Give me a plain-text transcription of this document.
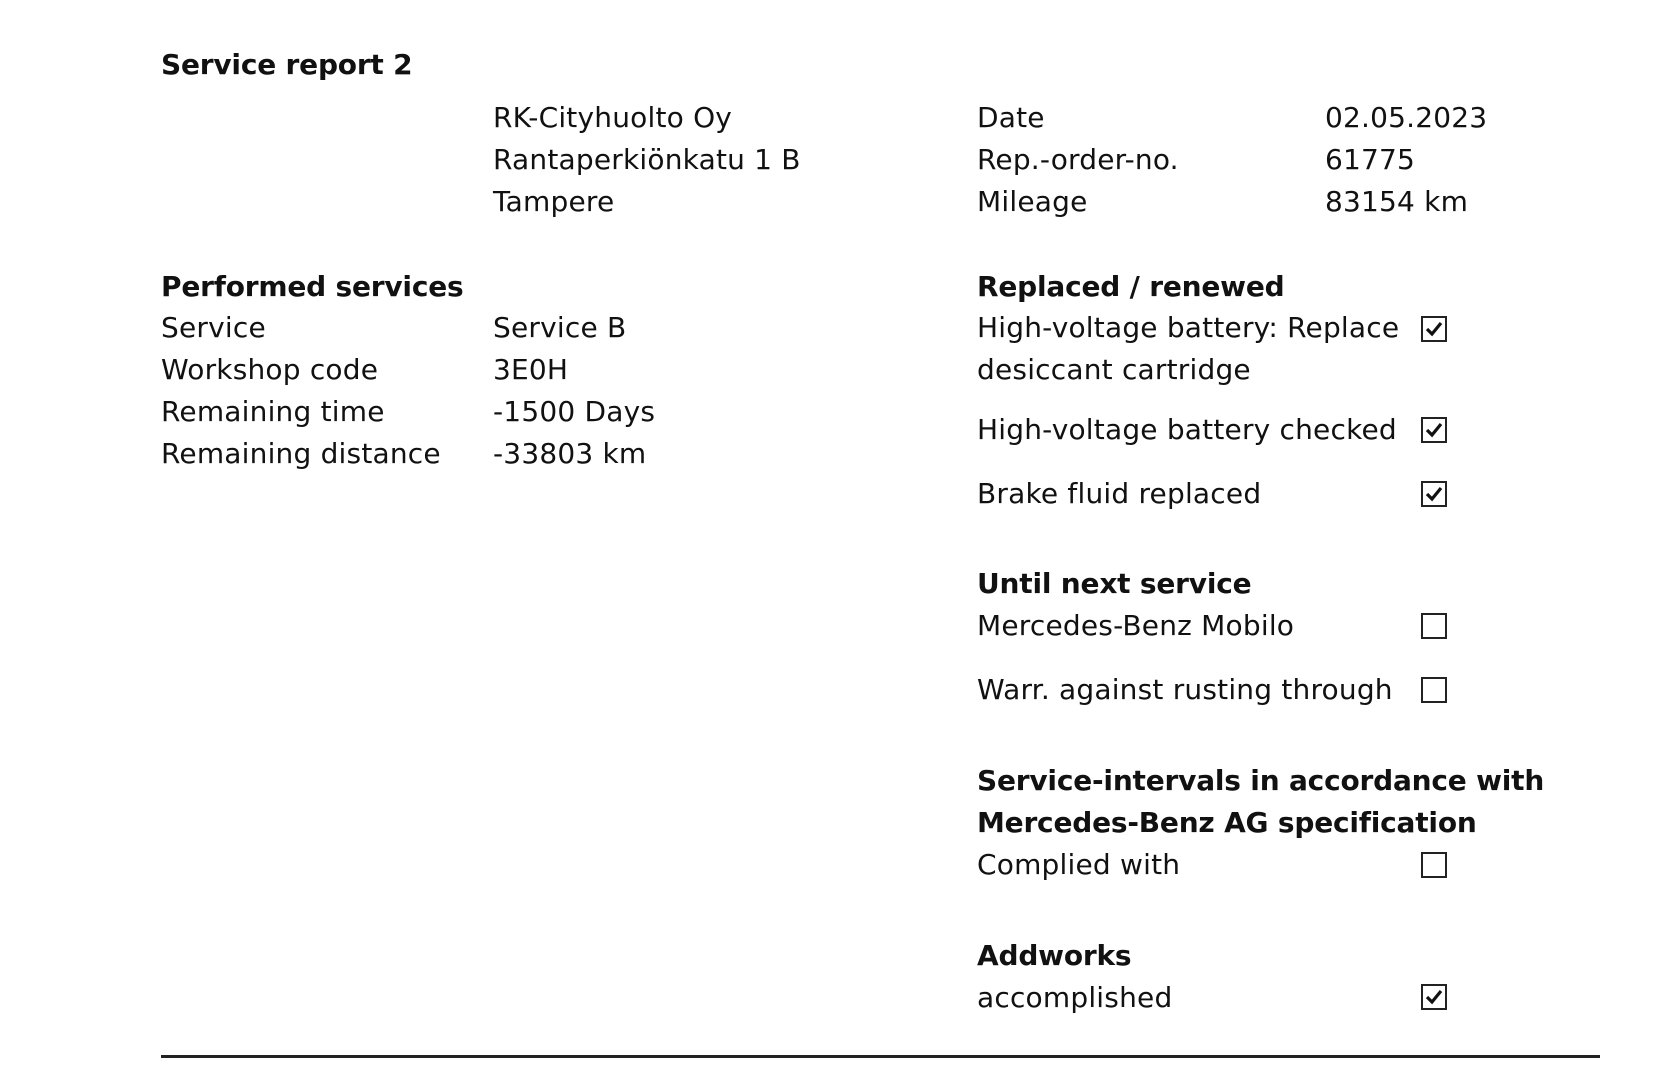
Service report 2
RK-Cityhuolto Oy
Rantaperkiönkatu 1 B
Tampere
Date	02.05.2023
Rep.-order-no.	61775
Mileage	83154 km
Performed services
Service	Service B
Workshop code	3E0H
Remaining time	-1500 Days
Remaining distance -33803 km
Replaced / renewed
High-voltage battery: Replace
desiccant cartridge
High-voltage battery checked
Brake fluid replaced
Until next service
Mercedes-Benz Mobilo
Warr. against rusting through
Service-intervals in accordance with
Mercedes-Benz AG specification
Complied with
Addworks
accomplished
